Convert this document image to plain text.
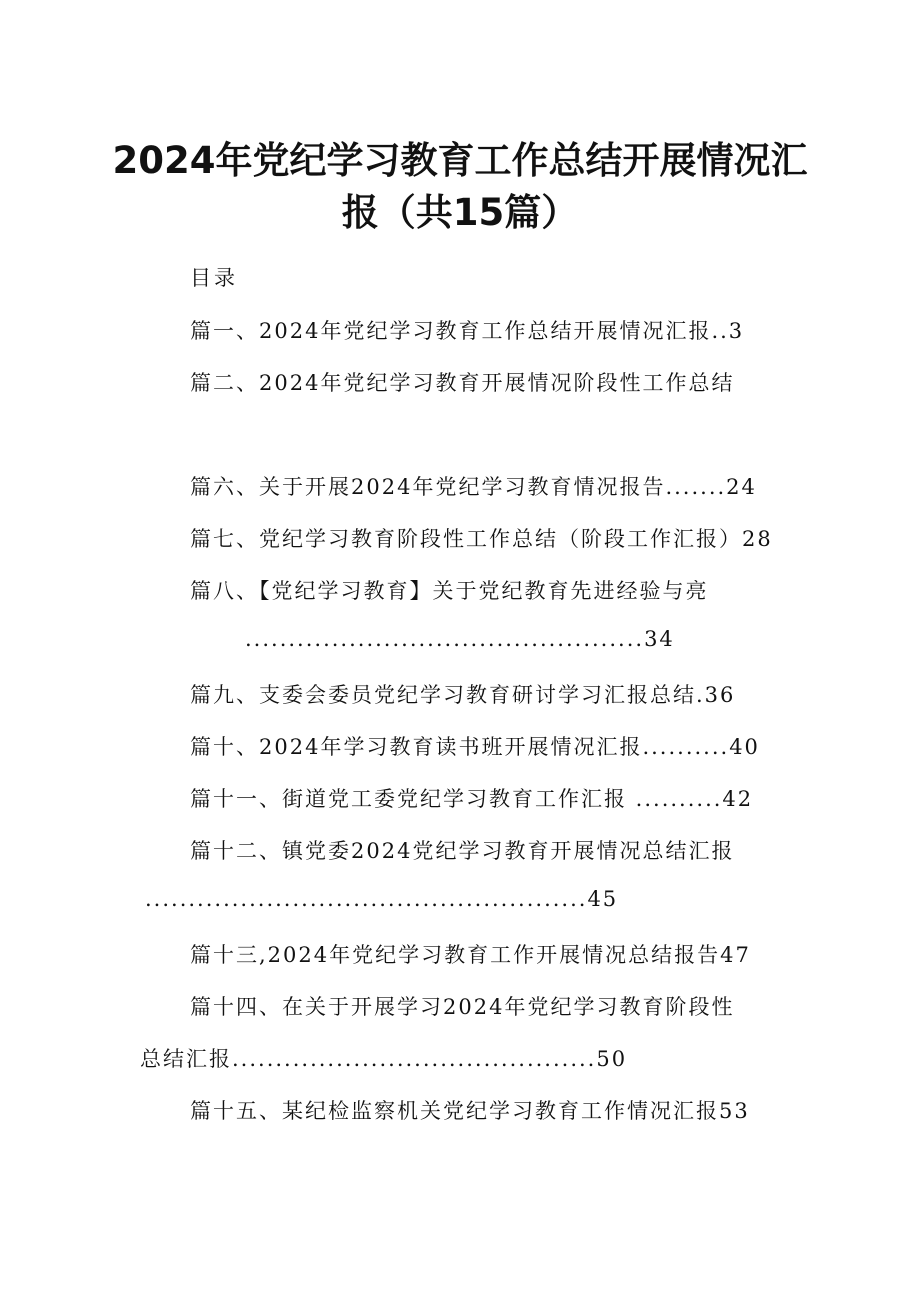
2024年党纪学习教育工作总结开展情况汇
报（共15篇）
目录
篇一、2024年党纪学习教育工作总结开展情况汇报..3
篇二、2024年党纪学习教育开展情况阶段性工作总结
篇六、关于开展2024年党纪学习教育情况报告.......24
篇七、党纪学习教育阶段性工作总结（阶段工作汇报）28
篇八、【党纪学习教育】关于党纪教育先进经验与亮
..............................................34
篇九、支委会委员党纪学习教育研讨学习汇报总结.36
篇十、2024年学习教育读书班开展情况汇报..........40
篇十一、街道党工委党纪学习教育工作汇报 ..........42
篇十二、镇党委2024党纪学习教育开展情况总结汇报
...................................................45
篇十三,2024年党纪学习教育工作开展情况总结报告47
篇十四、在关于开展学习2024年党纪学习教育阶段性
总结汇报..........................................50
篇十五、某纪检监察机关党纪学习教育工作情况汇报53
